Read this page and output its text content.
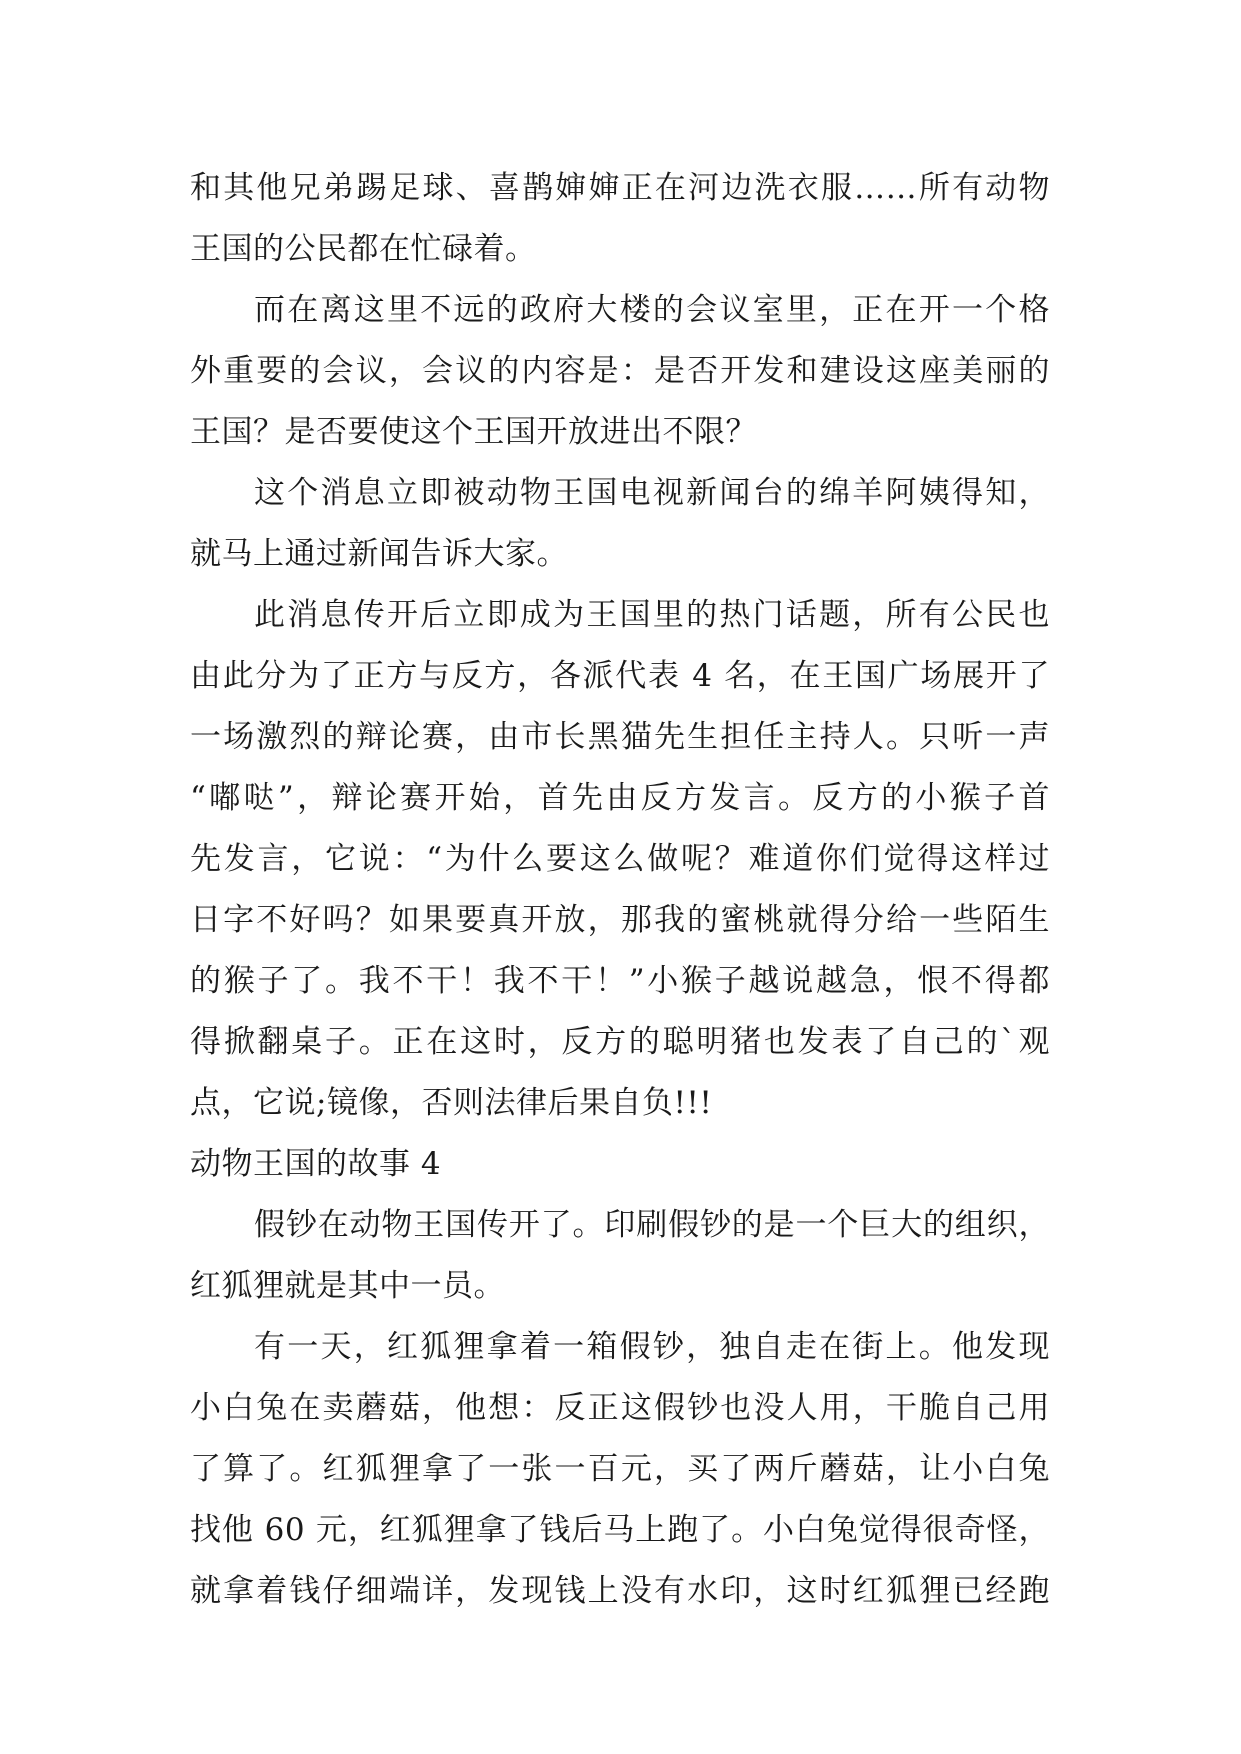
和其他兄弟踢足球、喜鹊婶婶正在河边洗衣服……所有动物
王国的公民都在忙碌着。
而在离这里不远的政府大楼的会议室里，正在开一个格
外重要的会议，会议的内容是：是否开发和建设这座美丽的
王国？是否要使这个王国开放进出不限？
这个消息立即被动物王国电视新闻台的绵羊阿姨得知，
就马上通过新闻告诉大家。
此消息传开后立即成为王国里的热门话题，所有公民也
由此分为了正方与反方，各派代表 4 名，在王国广场展开了
一场激烈的辩论赛，由市长黑猫先生担任主持人。只听一声
“嘟哒”，辩论赛开始，首先由反方发言。反方的小猴子首
先发言，它说：“为什么要这么做呢？难道你们觉得这样过
日字不好吗？如果要真开放，那我的蜜桃就得分给一些陌生
的猴子了。我不干！我不干！”小猴子越说越急，恨不得都
得掀翻桌子。正在这时，反方的聪明猪也发表了自己的`观
点，它说;镜像，否则法律后果自负!!!
动物王国的故事 4
假钞在动物王国传开了。印刷假钞的是一个巨大的组织，
红狐狸就是其中一员。
有一天，红狐狸拿着一箱假钞，独自走在街上。他发现
小白兔在卖蘑菇，他想：反正这假钞也没人用，干脆自己用
了算了。红狐狸拿了一张一百元，买了两斤蘑菇，让小白兔
找他 60 元，红狐狸拿了钱后马上跑了。小白兔觉得很奇怪，
就拿着钱仔细端详，发现钱上没有水印，这时红狐狸已经跑
